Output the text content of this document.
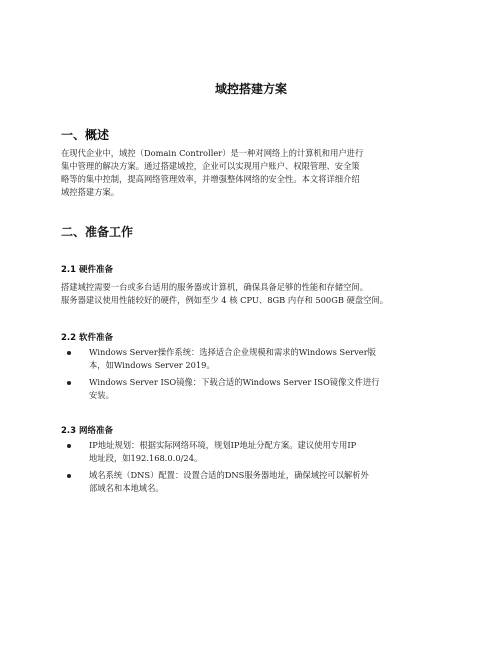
域控搭建方案
一、概述
在现代企业中，域控（Domain Controller）是一种对网络上的计算机和用户进行
集中管理的解决方案。通过搭建域控，企业可以实现用户账户、权限管理、安全策
略等的集中控制，提高网络管理效率，并增强整体网络的安全性。本文将详细介绍
域控搭建方案。
二、准备工作
2.1 硬件准备
搭建域控需要一台或多台适用的服务器或计算机，确保具备足够的性能和存储空间。
服务器建议使用性能较好的硬件，例如至少 4 核 CPU、8GB 内存和 500GB 硬盘空间。
2.2 软件准备
Windows Server操作系统：选择适合企业规模和需求的Windows Server版
本，如Windows Server 2019。
Windows Server ISO镜像：下载合适的Windows Server ISO镜像文件进行
安装。
2.3 网络准备
IP地址规划：根据实际网络环境，规划IP地址分配方案。建议使用专用IP
地址段，如192.168.0.0/24。
域名系统（DNS）配置：设置合适的DNS服务器地址，确保域控可以解析外
部域名和本地域名。
